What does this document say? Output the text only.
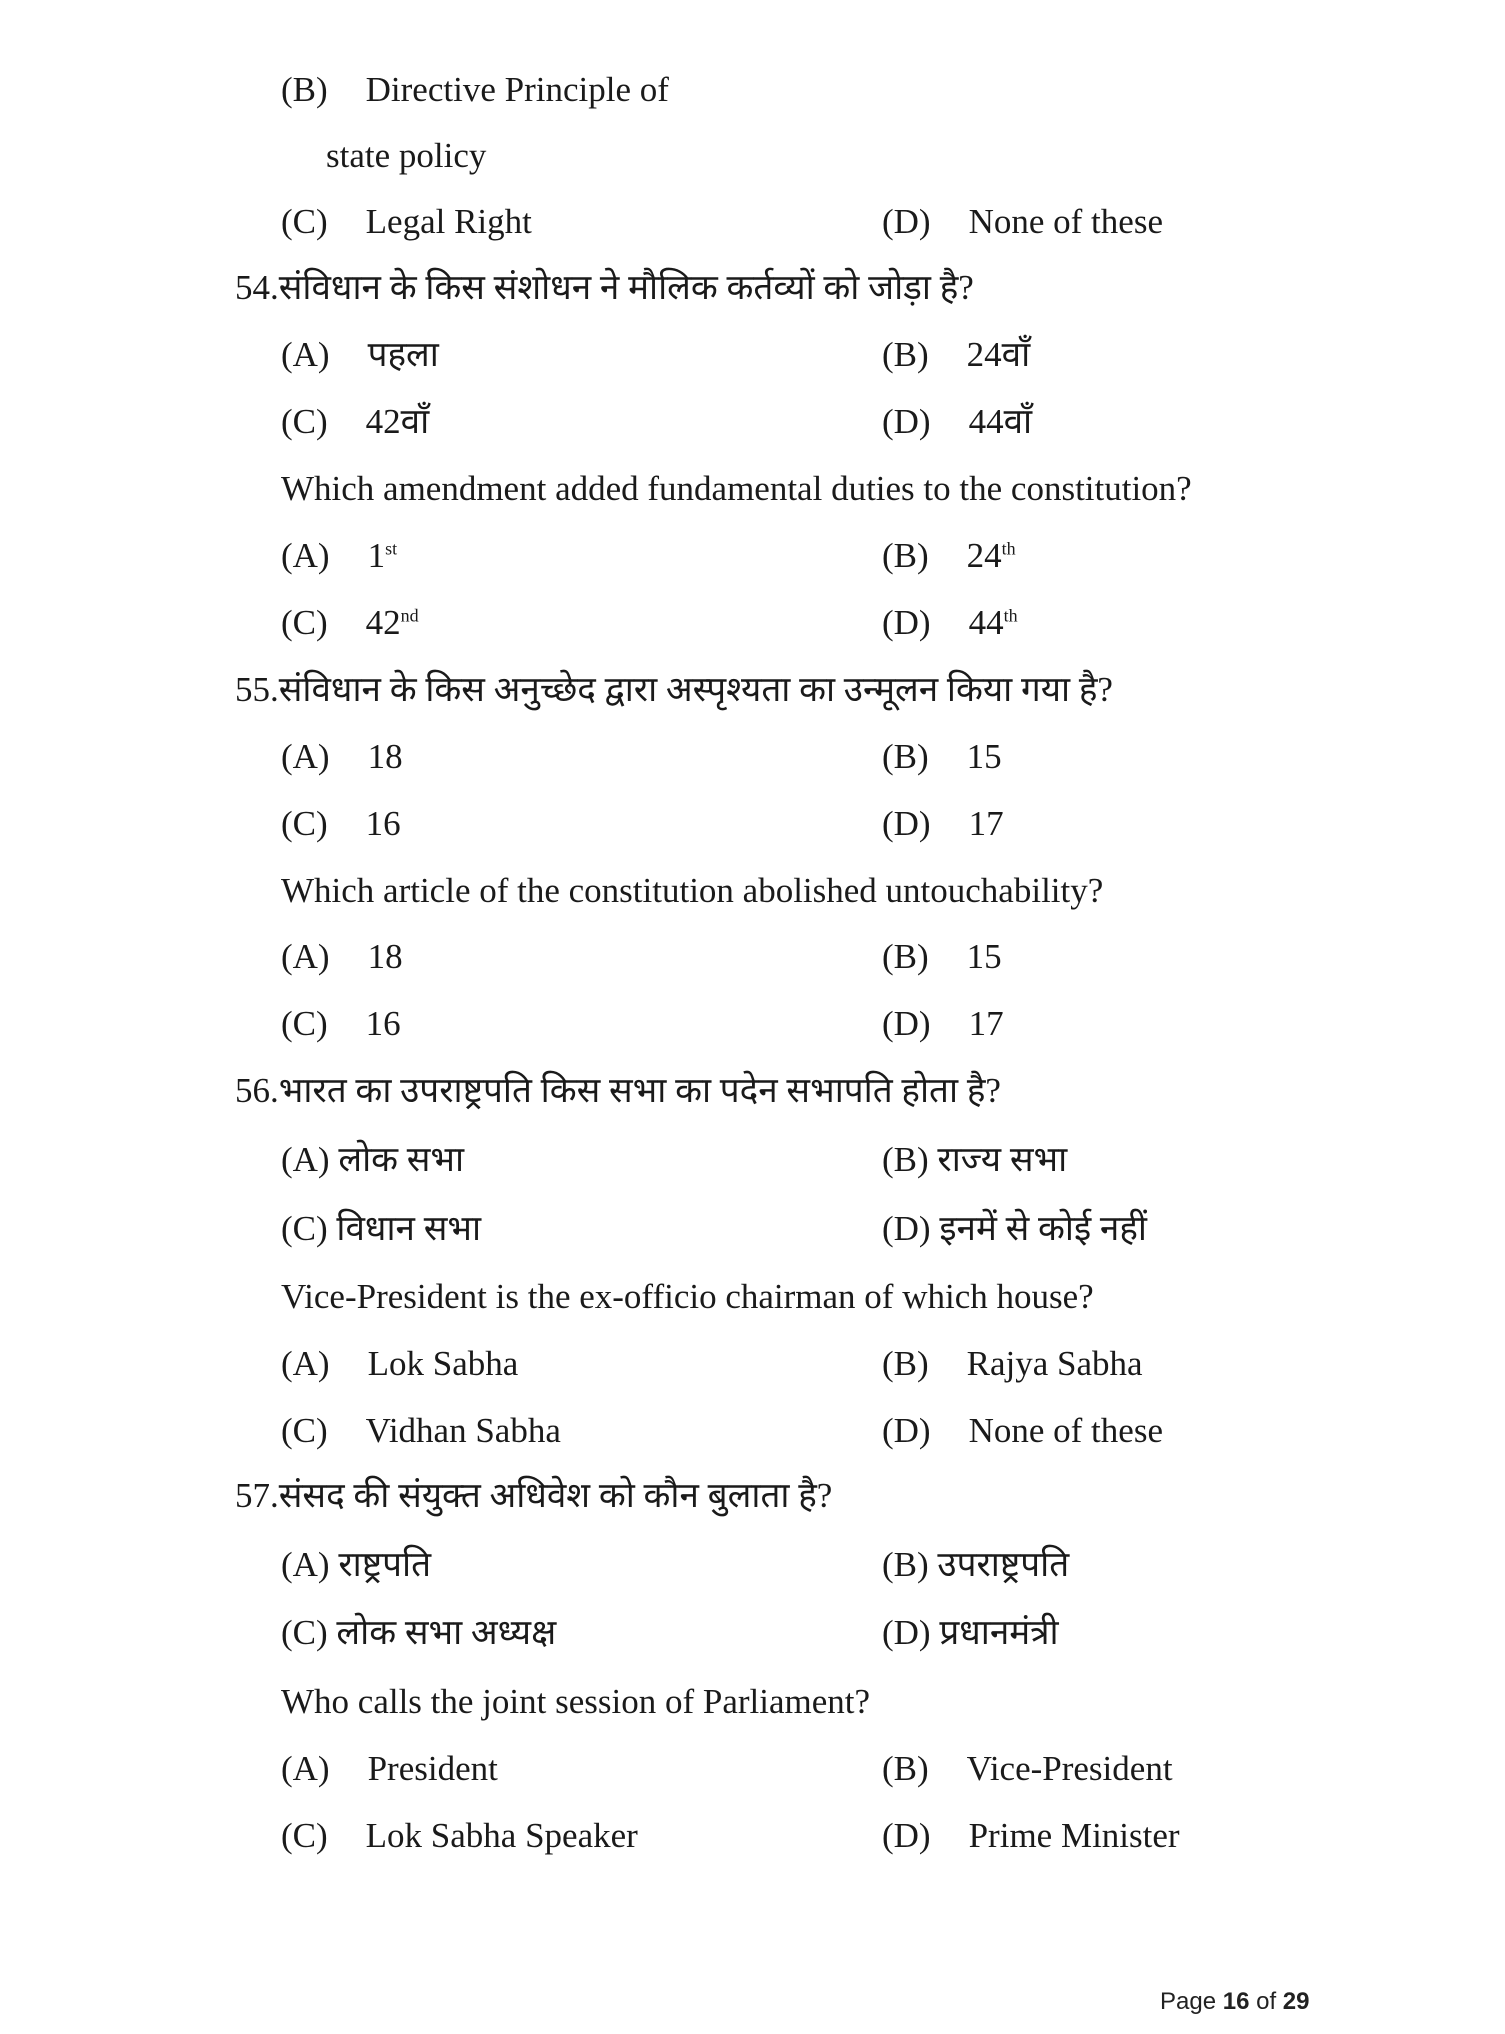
(B) Directive Principle of
state policy
(C) Legal Right	(D) None of these
54.संविधान के किस संशोधन ने मौलिक कर्तव्यों को जोड़ा है?
(A) पहला	(B) 24वाँ
(C) 42वाँ	(D) 44वाँ
Which amendment added fundamental duties to the constitution?
(A) 1st	(B) 24th
(C) 42nd	(D) 44th
55.संविधान के किस अनुच्छेद द्वारा अस्पृश्यता का उन्मूलन किया गया है?
(A) 18	(B) 15
(C) 16	(D) 17
Which article of the constitution abolished untouchability?
(A) 18	(B) 15
(C) 16	(D) 17
56.भारत का उपराष्ट्रपति किस सभा का पदेन सभापति होता है?
(A) लोक सभा	(B) राज्य सभा
(C) विधान सभा	(D) इनमें से कोई नहीं
Vice-President is the ex-officio chairman of which house?
(A) Lok Sabha	(B) Rajya Sabha
(C) Vidhan Sabha	(D) None of these
57.संसद की संयुक्त अधिवेश को कौन बुलाता है?
(A) राष्ट्रपति	(B) उपराष्ट्रपति
(C) लोक सभा अध्यक्ष	(D) प्रधानमंत्री
Who calls the joint session of Parliament?
(A) President	(B) Vice-President
(C) Lok Sabha Speaker	(D) Prime Minister
Page 16 of 29
